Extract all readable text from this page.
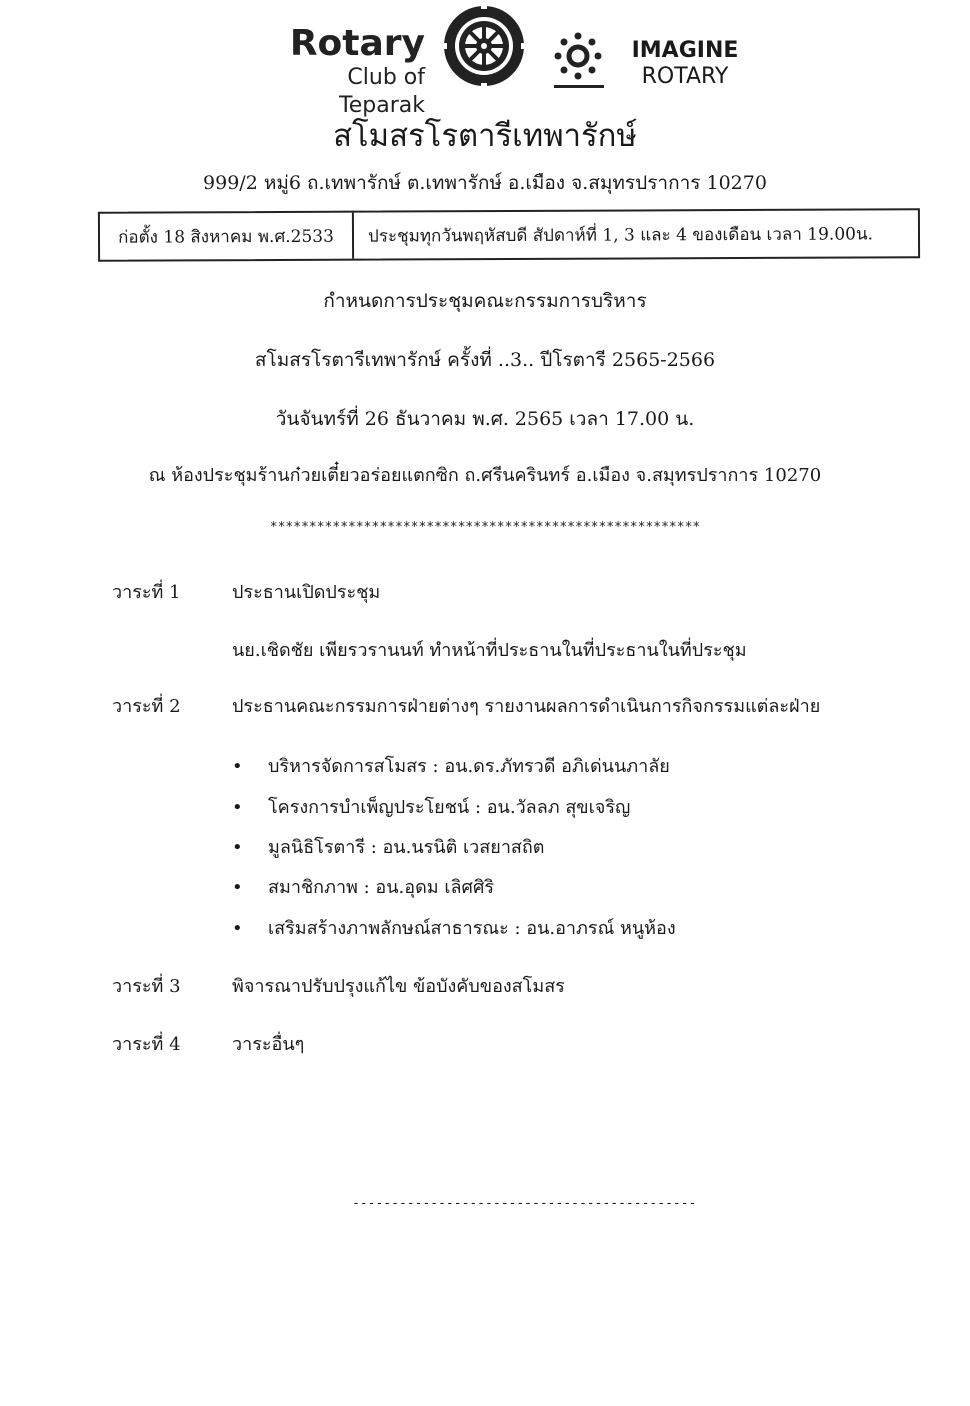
Rotary
Club of Teparak
IMAGINE
ROTARY
สโมสรโรตารีเทพารักษ์
999/2 หมู่6 ถ.เทพารักษ์ ต.เทพารักษ์ อ.เมือง จ.สมุทรปราการ 10270
ก่อตั้ง 18 สิงหาคม พ.ศ.2533	ประชุมทุกวันพฤหัสบดี สัปดาห์ที่ 1, 3 และ 4 ของเดือน เวลา 19.00น.
กำหนดการประชุมคณะกรรมการบริหาร
สโมสรโรตารีเทพารักษ์ ครั้งที่ ..3.. ปีโรตารี 2565-2566
วันจันทร์ที่ 26 ธันวาคม พ.ศ. 2565 เวลา 17.00 น.
ณ ห้องประชุมร้านก๋วยเตี๋ยวอร่อยแตกซิก ถ.ศรีนครินทร์ อ.เมือง จ.สมุทรปราการ 10270
*******************************************************
วาระที่ 1	ประธานเปิดประชุม
นย.เชิดชัย เพียรวรานนท์ ทำหน้าที่ประธานในที่ประธานในที่ประชุม
วาระที่ 2	ประธานคณะกรรมการฝ่ายต่างๆ รายงานผลการดำเนินการกิจกรรมแต่ละฝ่าย
• บริหารจัดการสโมสร : อน.ดร.ภัทรวดี อภิเด่นนภาลัย
• โครงการบำเพ็ญประโยชน์ : อน.วัลลภ สุขเจริญ
• มูลนิธิโรตารี : อน.นรนิติ เวสยาสถิต
• สมาชิกภาพ : อน.อุดม เลิศศิริ
• เสริมสร้างภาพลักษณ์สาธารณะ : อน.อาภรณ์ หนูห้อง
วาระที่ 3	พิจารณาปรับปรุงแก้ไข ข้อบังคับของสโมสร
วาระที่ 4	วาระอื่นๆ
--------------------------------------------
